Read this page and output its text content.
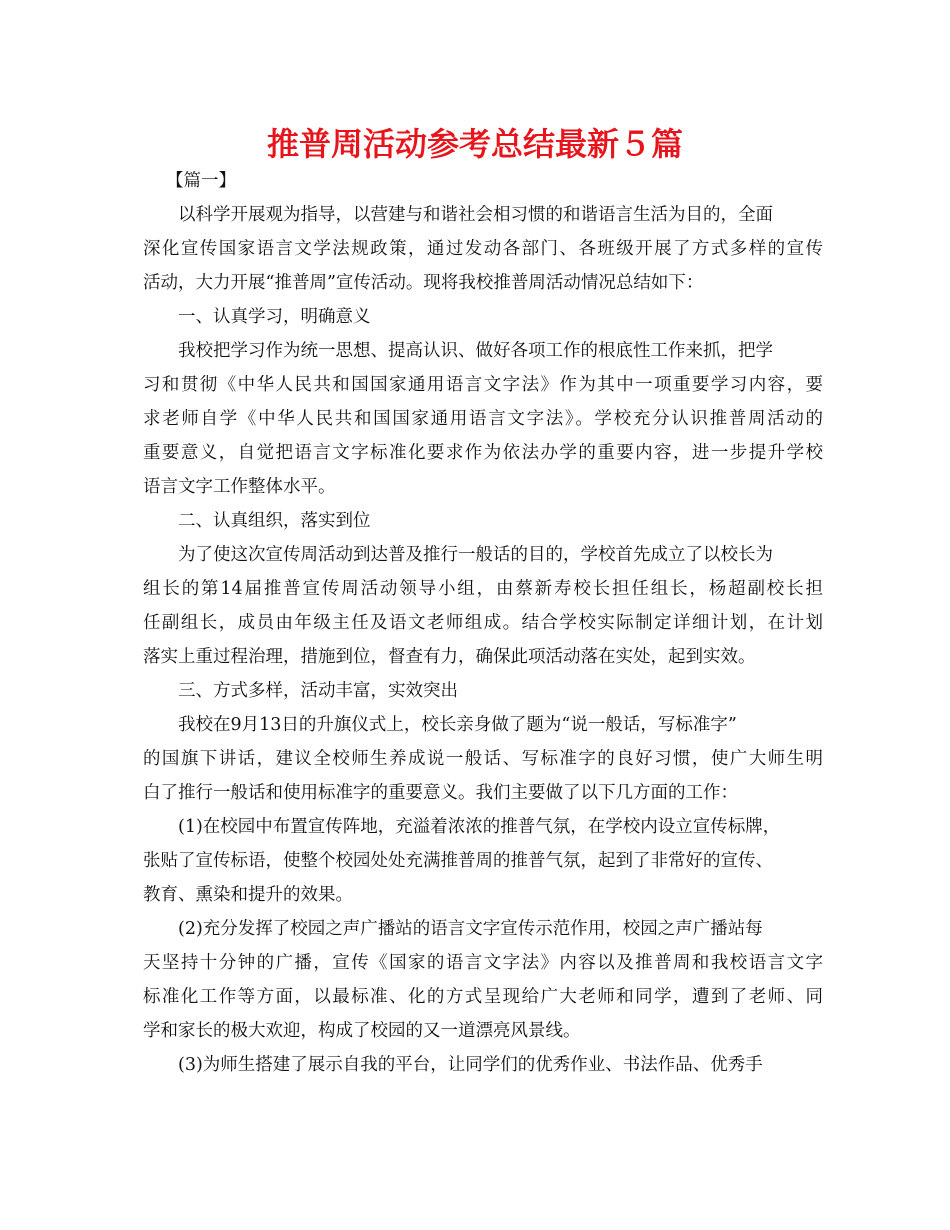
推普周活动参考总结最新５篇
【篇一】
以科学开展观为指导，以营建与和谐社会相习惯的和谐语言生活为目的，全面
深化宣传国家语言文学法规政策，通过发动各部门、各班级开展了方式多样的宣传
活动，大力开展“推普周”宣传活动。现将我校推普周活动情况总结如下：
一、认真学习，明确意义
我校把学习作为统一思想、提高认识、做好各项工作的根底性工作来抓，把学
习和贯彻《中华人民共和国国家通用语言文字法》作为其中一项重要学习内容，要
求老师自学《中华人民共和国国家通用语言文字法》。学校充分认识推普周活动的
重要意义，自觉把语言文字标准化要求作为依法办学的重要内容，进一步提升学校
语言文字工作整体水平。
二、认真组织，落实到位
为了使这次宣传周活动到达普及推行一般话的目的，学校首先成立了以校长为
组长的第14届推普宣传周活动领导小组，由蔡新寿校长担任组长，杨超副校长担
任副组长，成员由年级主任及语文老师组成。结合学校实际制定详细计划，在计划
落实上重过程治理，措施到位，督查有力，确保此项活动落在实处，起到实效。
三、方式多样，活动丰富，实效突出
我校在9月13日的升旗仪式上，校长亲身做了题为“说一般话，写标准字”
的国旗下讲话，建议全校师生养成说一般话、写标准字的良好习惯，使广大师生明
白了推行一般话和使用标准字的重要意义。我们主要做了以下几方面的工作：
(1)在校园中布置宣传阵地，充溢着浓浓的推普气氛，在学校内设立宣传标牌，
张贴了宣传标语，使整个校园处处充满推普周的推普气氛，起到了非常好的宣传、
教育、熏染和提升的效果。
(2)充分发挥了校园之声广播站的语言文字宣传示范作用，校园之声广播站每
天坚持十分钟的广播，宣传《国家的语言文字法》内容以及推普周和我校语言文字
标准化工作等方面，以最标准、化的方式呈现给广大老师和同学，遭到了老师、同
学和家长的极大欢迎，构成了校园的又一道漂亮风景线。
(3)为师生搭建了展示自我的平台，让同学们的优秀作业、书法作品、优秀手
